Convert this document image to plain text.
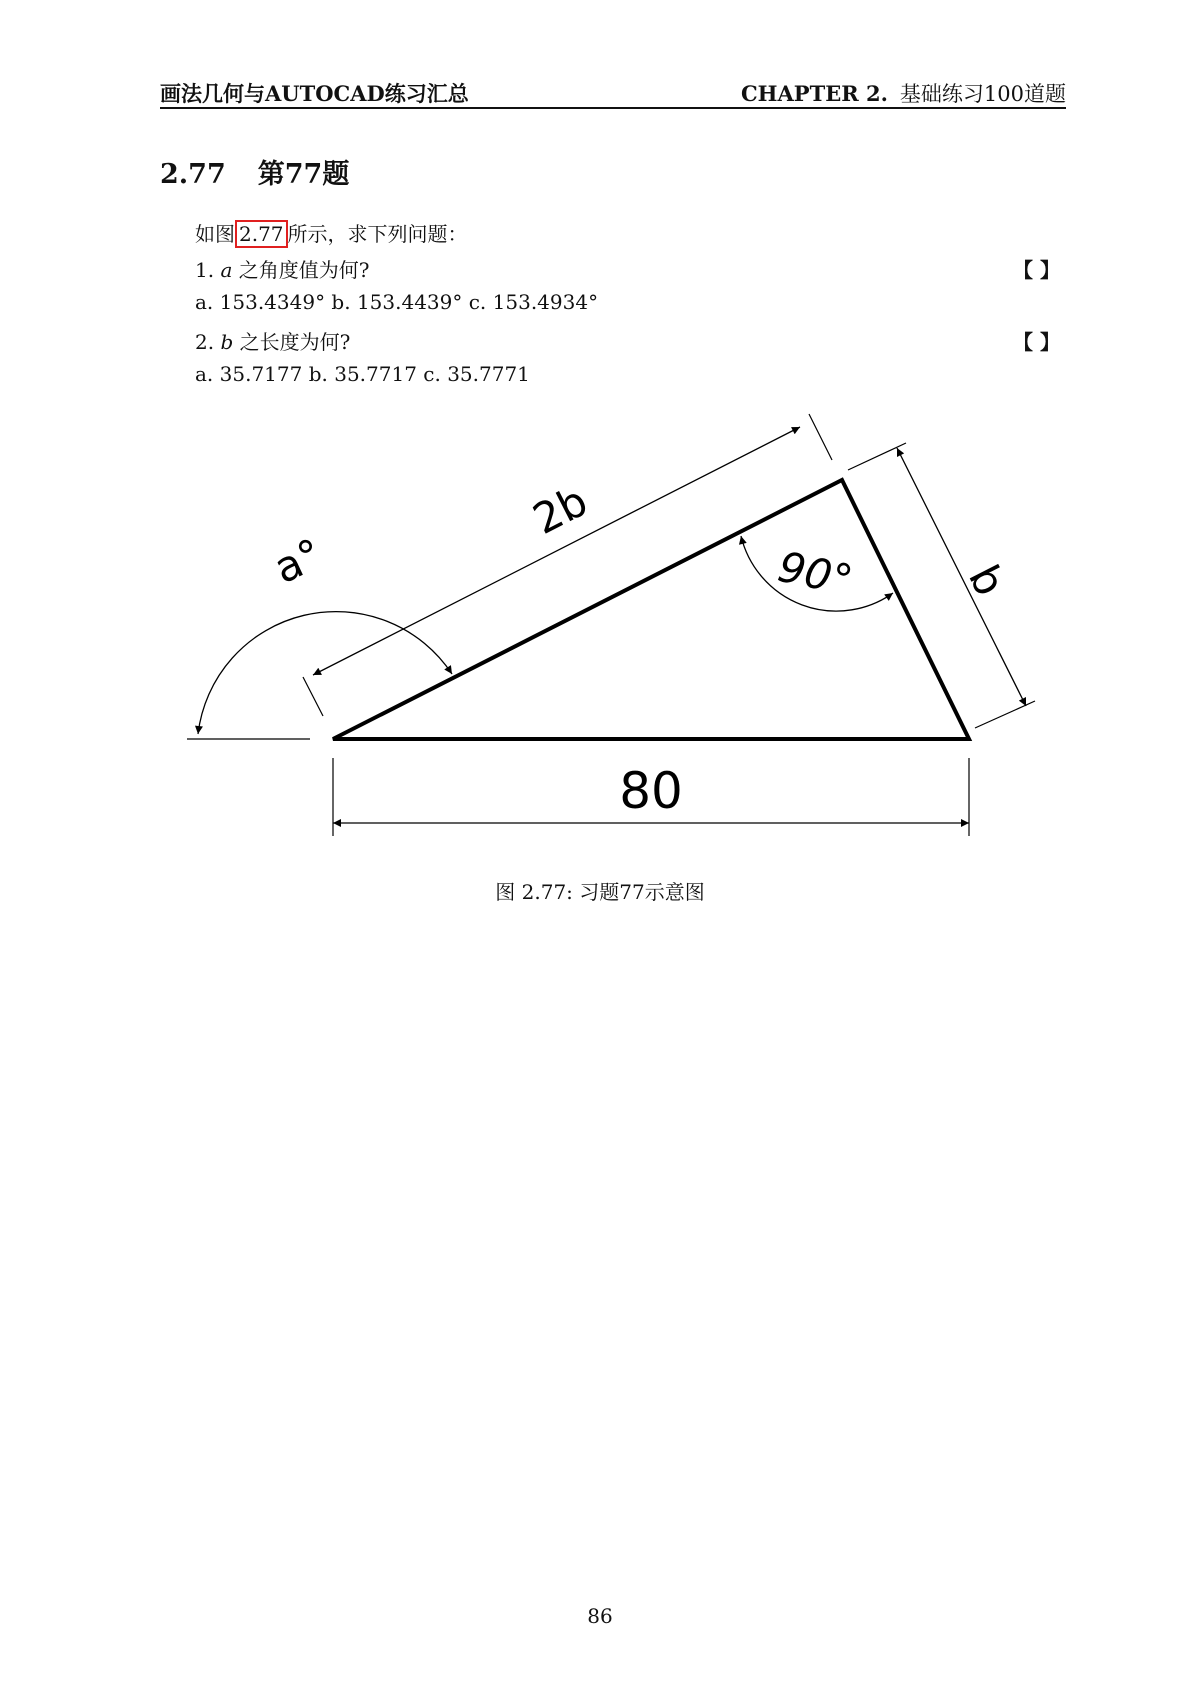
画法几何与AUTOCAD练习汇总	CHAPTER 2. 基础练习100道题
2.77 第77题
如图 2.77 所示，求下列问题：
1. a 之角度值为何?	【 】
a. 153.4349° b. 153.4439° c. 153.4934°
2. b 之长度为何?	【 】
a. 35.7177 b. 35.7717 c. 35.7771
a°
2b
90° b
80
图 2.77: 习题77示意图
86
